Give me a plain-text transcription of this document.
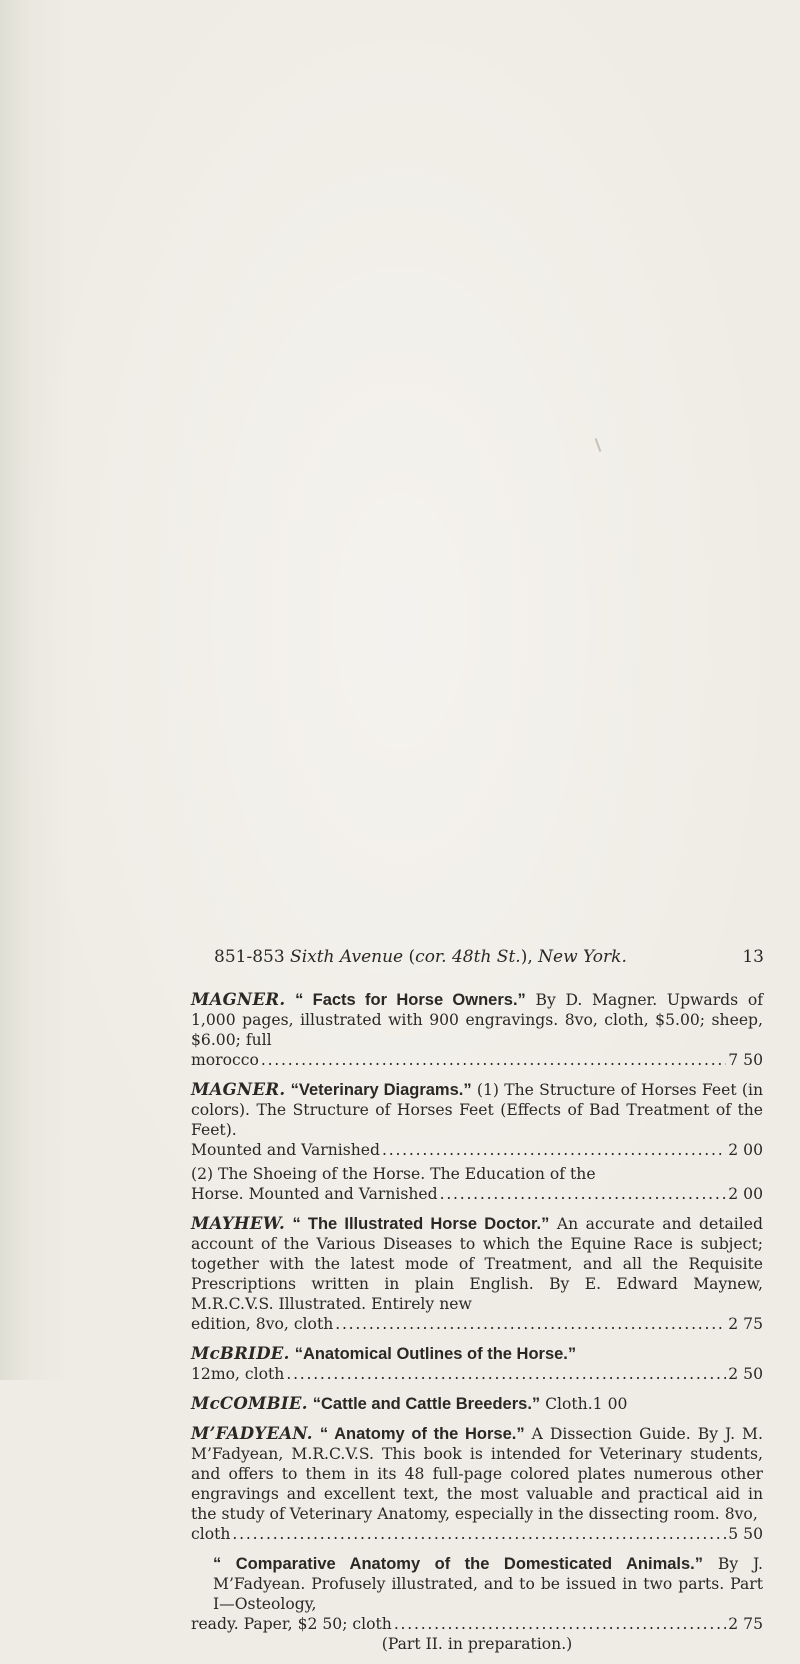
851-853 Sixth Avenue (cor. 48th St.), New York.	13
MAGNER. “ Facts for Horse Owners.” By D. Magner. Upwards of 1,000 pages, illustrated with 900 engravings. 8vo, cloth, $5.00; sheep, $6.00; full
morocco . . .	7 50
MAGNER. “Veterinary Diagrams.” (1) The Structure of Horses Feet (in colors). The Structure of Horses Feet (Effects of Bad Treatment of the Feet).
Mounted and Varnished . . .	2 00
(2) The Shoeing of the Horse. The Education of the
Horse. Mounted and Varnished . . .	2 00
MAYHEW. “ The Illustrated Horse Doctor.” An accurate and detailed account of the Various Diseases to which the Equine Race is subject; together with the latest mode of Treatment, and all the Requisite Prescriptions written in plain English. By E. Edward Maynew, M.R.C.V.S. Illustrated. Entirely new
edition, 8vo, cloth . . .	2 75
McBRIDE. “Anatomical Outlines of the Horse.”
12mo, cloth . . .	2 50
McCOMBIE. “Cattle and Cattle Breeders.” Cloth.1 00
M’FADYEAN. “ Anatomy of the Horse.” A Dissection Guide. By J. M. M’Fadyean, M.R.C.V.S. This book is intended for Veterinary students, and offers to them in its 48 full-page colored plates numerous other engravings and excellent text, the most valuable and practical aid in the study of Veterinary Anatomy, especially in the dissecting room. 8vo,
cloth . . .	5 50
“ Comparative Anatomy of the Domesticated Animals.” By J. M’Fadyean. Profusely illustrated, and to be issued in two parts. Part I—Osteology,
ready. Paper, $2 50; cloth . . .	2 75
(Part II. in preparation.)
